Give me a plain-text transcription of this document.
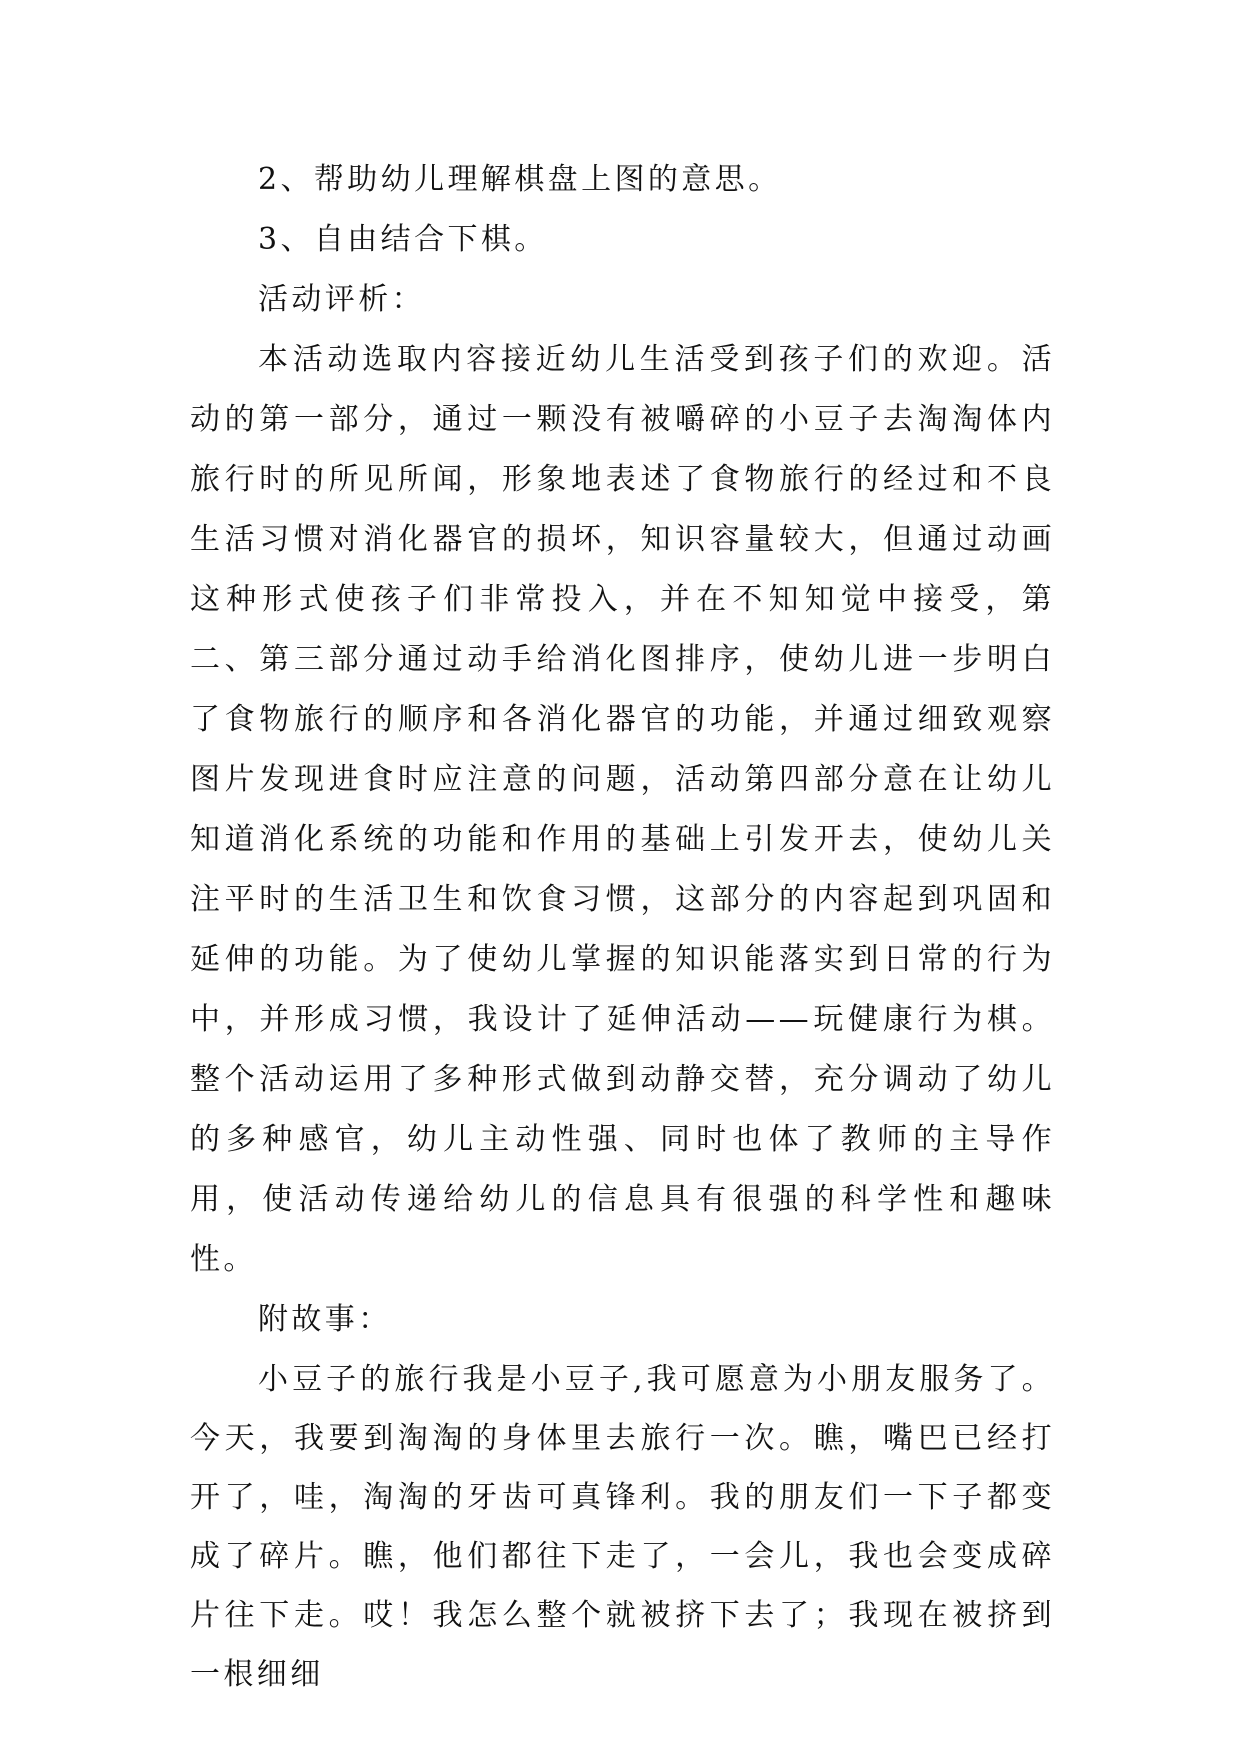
2、帮助幼儿理解棋盘上图的意思。

3、自由结合下棋。

活动评析：

本活动选取内容接近幼儿生活受到孩子们的欢迎。活动的第一部分，通过一颗没有被嚼碎的小豆子去淘淘体内旅行时的所见所闻，形象地表述了食物旅行的经过和不良生活习惯对消化器官的损坏，知识容量较大，但通过动画这种形式使孩子们非常投入，并在不知知觉中接受，第二、第三部分通过动手给消化图排序，使幼儿进一步明白了食物旅行的顺序和各消化器官的功能，并通过细致观察图片发现进食时应注意的问题，活动第四部分意在让幼儿知道消化系统的功能和作用的基础上引发开去，使幼儿关注平时的生活卫生和饮食习惯，这部分的内容起到巩固和延伸的功能。为了使幼儿掌握的知识能落实到日常的行为中，并形成习惯，我设计了延伸活动——玩健康行为棋。整个活动运用了多种形式做到动静交替，充分调动了幼儿的多种感官，幼儿主动性强、同时也体了教师的主导作用，使活动传递给幼儿的信息具有很强的科学性和趣味性。

附故事：

小豆子的旅行我是小豆子,我可愿意为小朋友服务了。今天，我要到淘淘的身体里去旅行一次。瞧，嘴巴已经打开了，哇，淘淘的牙齿可真锋利。我的朋友们一下子都变成了碎片。瞧，他们都往下走了，一会儿，我也会变成碎片往下走。哎！我怎么整个就被挤下去了；我现在被挤到一根细细
